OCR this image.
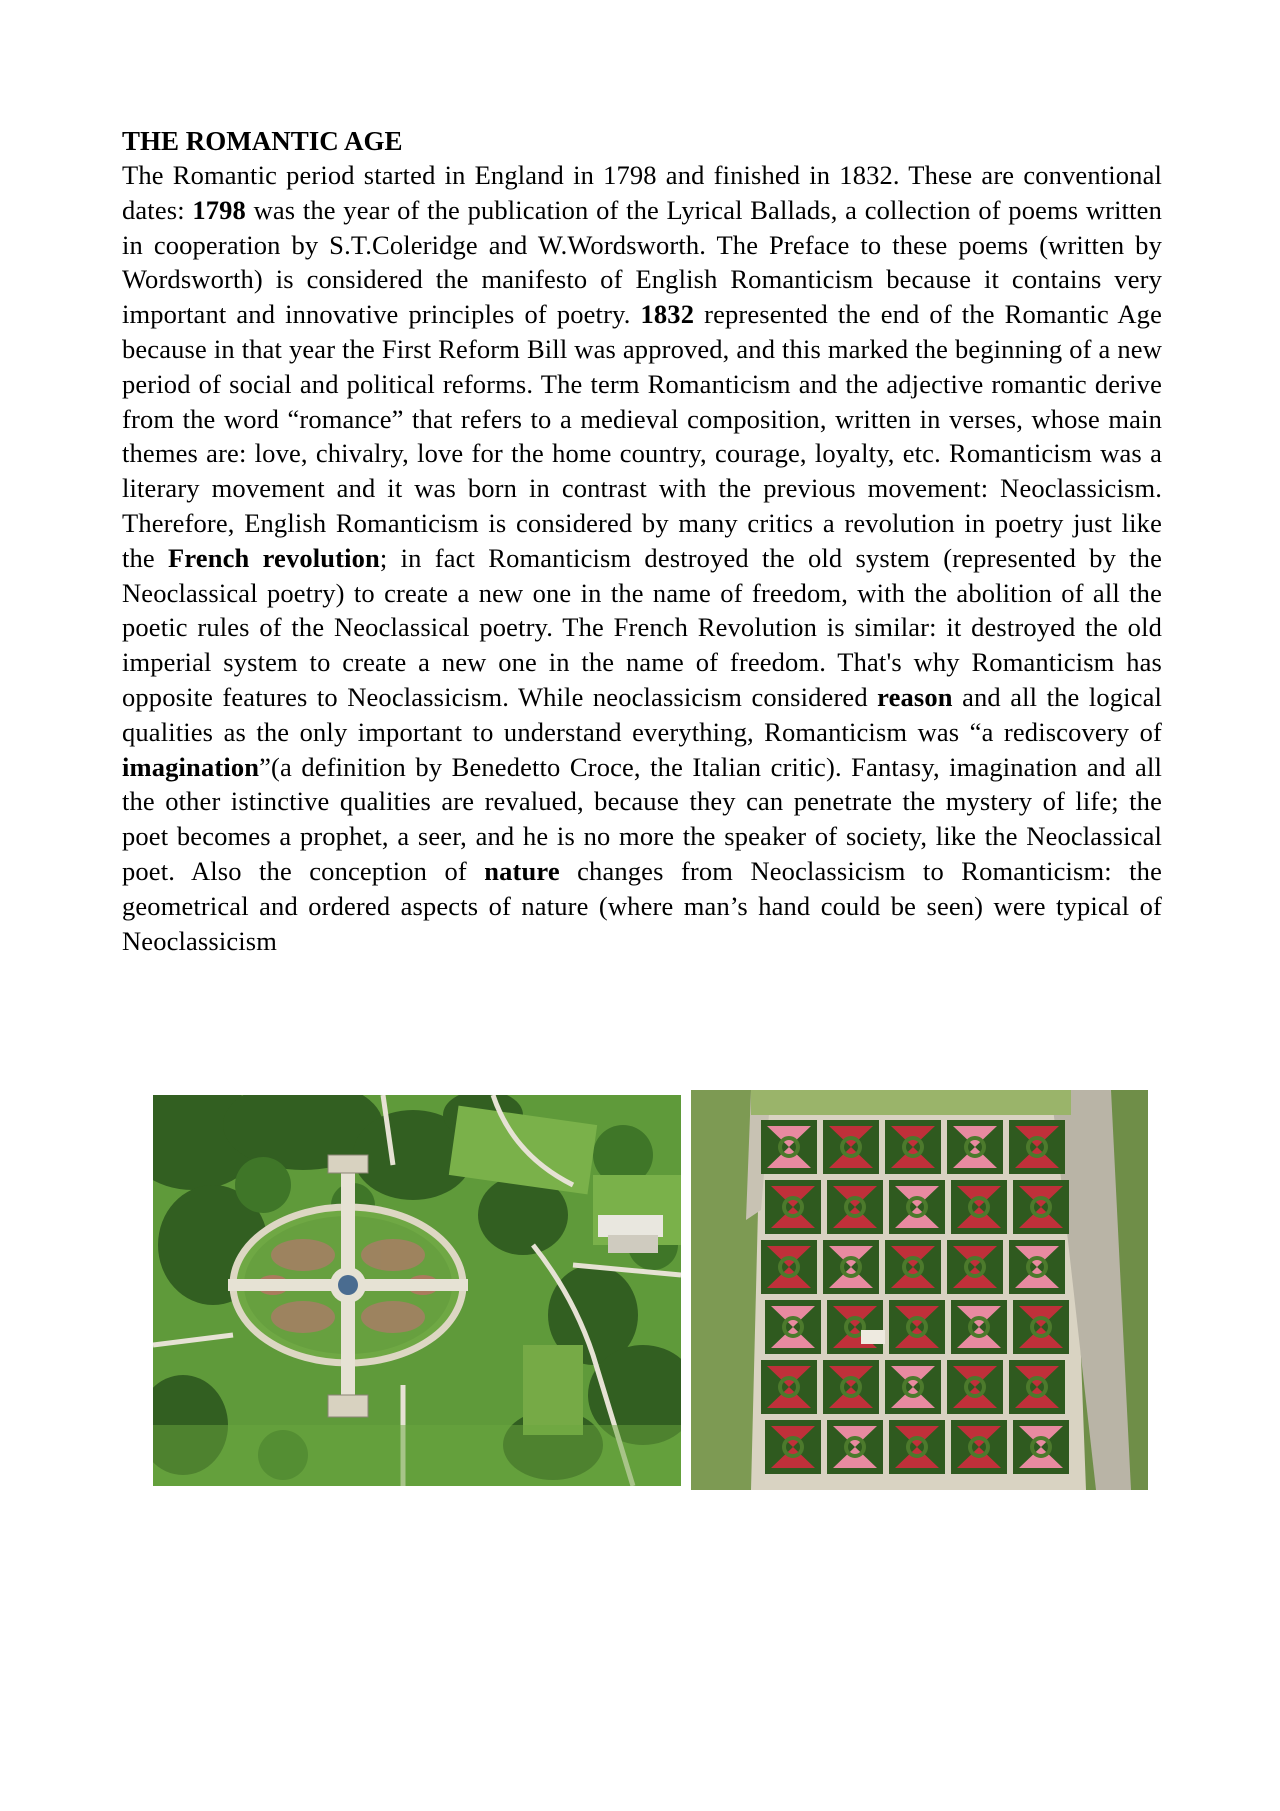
THE ROMANTIC AGE

The Romantic period started in England in 1798 and finished in 1832. These are conventional dates: 1798 was the year of the publication of the Lyrical Ballads, a collection of poems written in cooperation by S.T.Coleridge and W.Wordsworth. The Preface to these poems (written by Wordsworth) is considered the manifesto of English Romanticism because it contains very important and innovative principles of poetry. 1832 represented the end of the Romantic Age because in that year the First Reform Bill was approved, and this marked the beginning of a new period of social and political reforms. The term Romanticism and the adjective romantic derive from the word “romance” that refers to a medieval composition, written in verses, whose main themes are: love, chivalry, love for the home country, courage, loyalty, etc. Romanticism was a literary movement and it was born in contrast with the previous movement: Neoclassicism. Therefore, English Romanticism is considered by many critics a revolution in poetry just like the French revolution; in fact Romanticism destroyed the old system (represented by the Neoclassical poetry) to create a new one in the name of freedom, with the abolition of all the poetic rules of the Neoclassical poetry. The French Revolution is similar: it destroyed the old imperial system to create a new one in the name of freedom. That's why Romanticism has opposite features to Neoclassicism. While neoclassicism considered reason and all the logical qualities as the only important to understand everything, Romanticism was “a rediscovery of imagination”(a definition by Benedetto Croce, the Italian critic). Fantasy, imagination and all the other istinctive qualities are revalued, because they can penetrate the mystery of life; the poet becomes a prophet, a seer, and he is no more the speaker of society, like the Neoclassical poet. Also the conception of nature changes from Neoclassicism to Romanticism: the geometrical and ordered aspects of nature (where man’s hand could be seen) were typical of Neoclassicism
